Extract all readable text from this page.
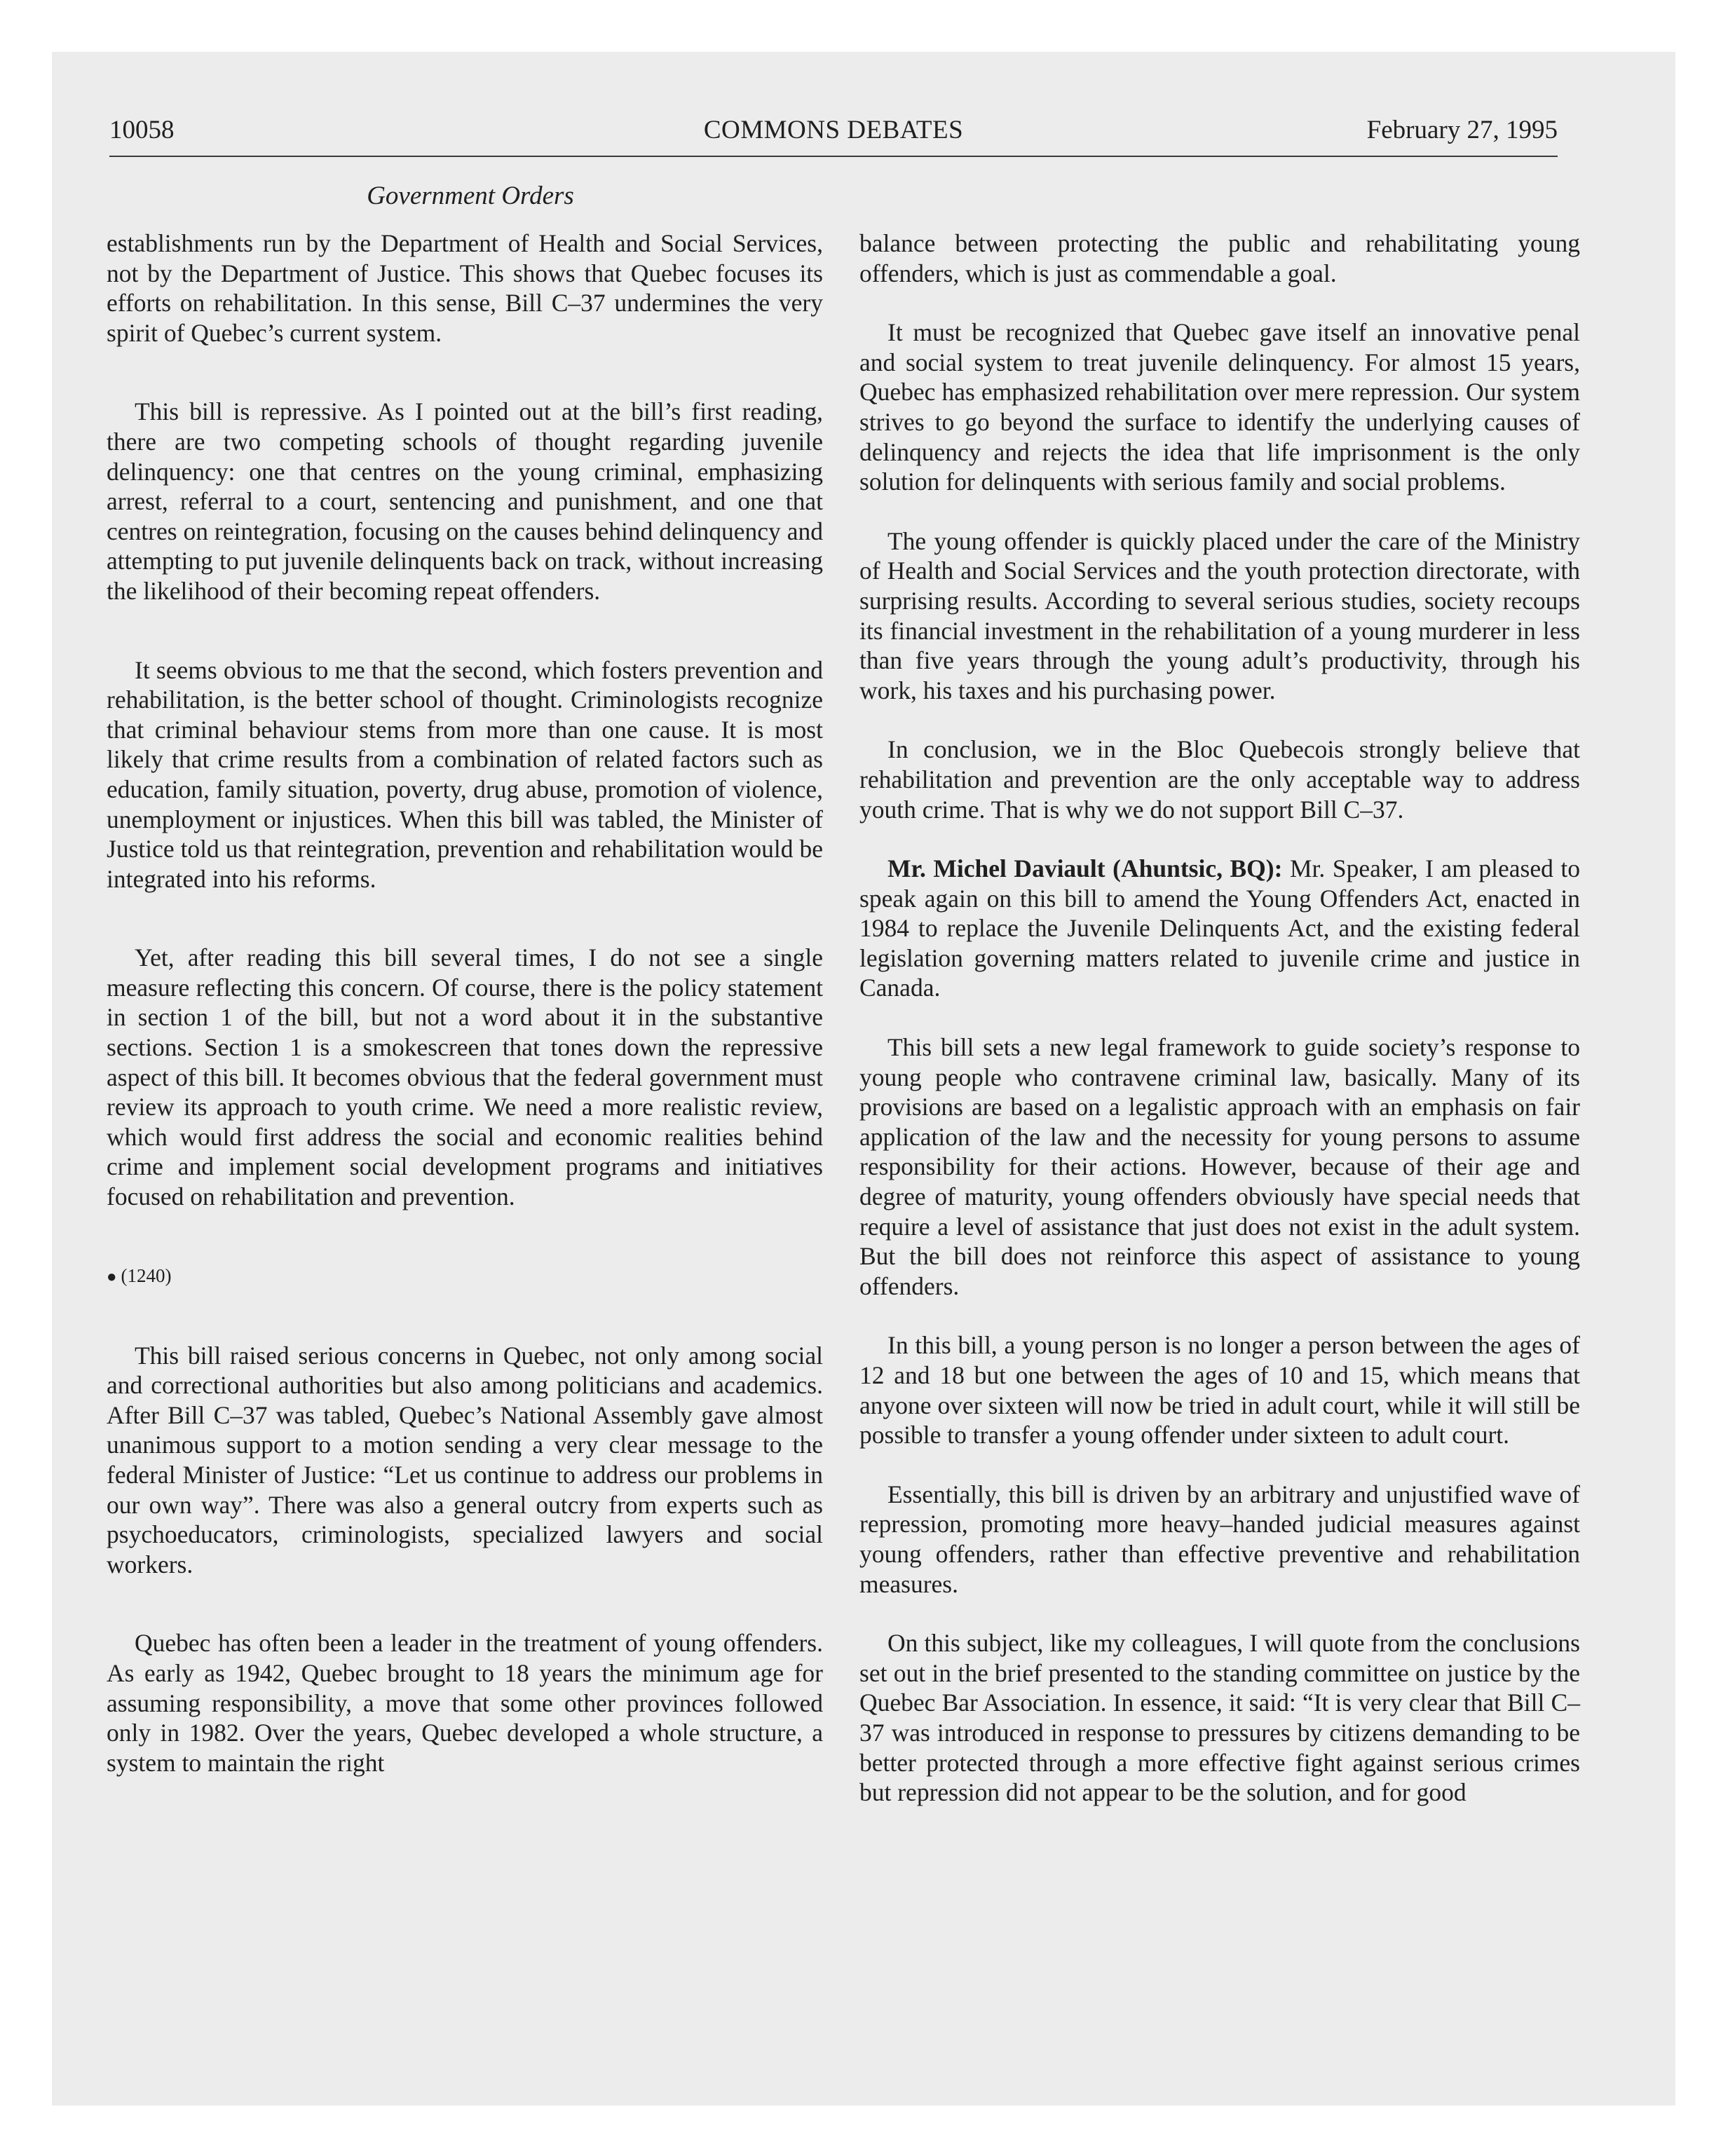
10058	COMMONS DEBATES	February 27, 1995
Government Orders

establishments run by the Department of Health and Social Services, not by the Department of Justice. This shows that Quebec focuses its efforts on rehabilitation. In this sense, Bill C–37 undermines the very spirit of Quebec’s current system.

This bill is repressive. As I pointed out at the bill’s first reading, there are two competing schools of thought regarding juvenile delinquency: one that centres on the young criminal, emphasizing arrest, referral to a court, sentencing and punishment, and one that centres on reintegration, focusing on the causes behind delinquency and attempting to put juvenile delinquents back on track, without increasing the likelihood of their becoming repeat offenders.

It seems obvious to me that the second, which fosters prevention and rehabilitation, is the better school of thought. Criminologists recognize that criminal behaviour stems from more than one cause. It is most likely that crime results from a combination of related factors such as education, family situation, poverty, drug abuse, promotion of violence, unemployment or injustices. When this bill was tabled, the Minister of Justice told us that reintegration, prevention and rehabilitation would be integrated into his reforms.

Yet, after reading this bill several times, I do not see a single measure reflecting this concern. Of course, there is the policy statement in section 1 of the bill, but not a word about it in the substantive sections. Section 1 is a smokescreen that tones down the repressive aspect of this bill. It becomes obvious that the federal government must review its approach to youth crime. We need a more realistic review, which would first address the social and economic realities behind crime and implement social development programs and initiatives focused on rehabilitation and prevention.

● (1240)

This bill raised serious concerns in Quebec, not only among social and correctional authorities but also among politicians and academics. After Bill C–37 was tabled, Quebec’s National Assembly gave almost unanimous support to a motion sending a very clear message to the federal Minister of Justice: “Let us continue to address our problems in our own way”. There was also a general outcry from experts such as psychoeducators, criminologists, specialized lawyers and social workers.

Quebec has often been a leader in the treatment of young offenders. As early as 1942, Quebec brought to 18 years the minimum age for assuming responsibility, a move that some other provinces followed only in 1982. Over the years, Quebec developed a whole structure, a system to maintain the right

balance between protecting the public and rehabilitating young offenders, which is just as commendable a goal.

It must be recognized that Quebec gave itself an innovative penal and social system to treat juvenile delinquency. For almost 15 years, Quebec has emphasized rehabilitation over mere repression. Our system strives to go beyond the surface to identify the underlying causes of delinquency and rejects the idea that life imprisonment is the only solution for delinquents with serious family and social problems.

The young offender is quickly placed under the care of the Ministry of Health and Social Services and the youth protection directorate, with surprising results. According to several serious studies, society recoups its financial investment in the rehabilitation of a young murderer in less than five years through the young adult’s productivity, through his work, his taxes and his purchasing power.

In conclusion, we in the Bloc Quebecois strongly believe that rehabilitation and prevention are the only acceptable way to address youth crime. That is why we do not support Bill C–37.

Mr. Michel Daviault (Ahuntsic, BQ): Mr. Speaker, I am pleased to speak again on this bill to amend the Young Offenders Act, enacted in 1984 to replace the Juvenile Delinquents Act, and the existing federal legislation governing matters related to juvenile crime and justice in Canada.

This bill sets a new legal framework to guide society’s response to young people who contravene criminal law, basically. Many of its provisions are based on a legalistic approach with an emphasis on fair application of the law and the necessity for young persons to assume responsibility for their actions. However, because of their age and degree of maturity, young offenders obviously have special needs that require a level of assistance that just does not exist in the adult system. But the bill does not reinforce this aspect of assistance to young offenders.

In this bill, a young person is no longer a person between the ages of 12 and 18 but one between the ages of 10 and 15, which means that anyone over sixteen will now be tried in adult court, while it will still be possible to transfer a young offender under sixteen to adult court.

Essentially, this bill is driven by an arbitrary and unjustified wave of repression, promoting more heavy–handed judicial measures against young offenders, rather than effective preventive and rehabilitation measures.

On this subject, like my colleagues, I will quote from the conclusions set out in the brief presented to the standing committee on justice by the Quebec Bar Association. In essence, it said: “It is very clear that Bill C–37 was introduced in response to pressures by citizens demanding to be better protected through a more effective fight against serious crimes but repression did not appear to be the solution, and for good
